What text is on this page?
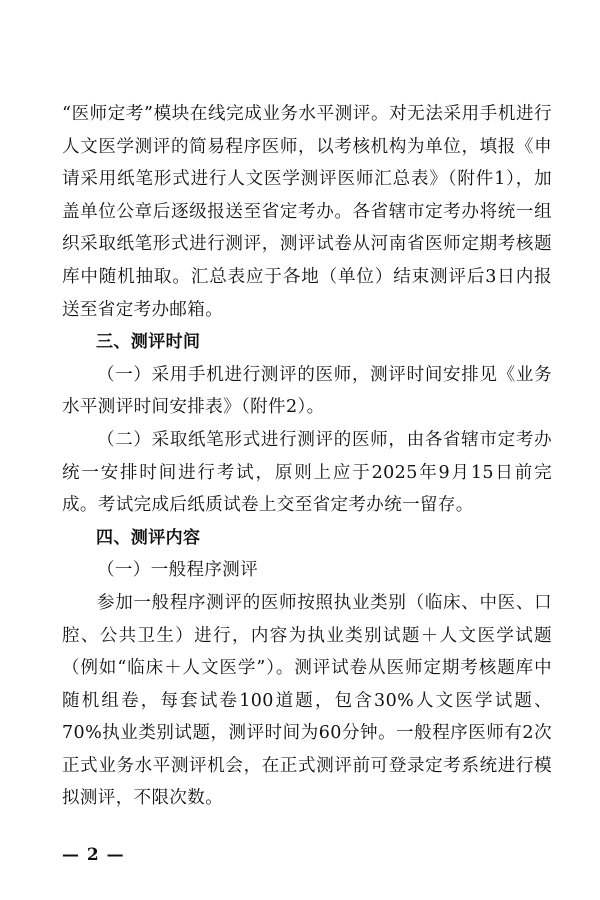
“医师定考”模块在线完成业务水平测评。对无法采用手机进行人文医学测评的简易程序医师，以考核机构为单位，填报《申请采用纸笔形式进行人文医学测评医师汇总表》（附件1），加盖单位公章后逐级报送至省定考办。各省辖市定考办将统一组织采取纸笔形式进行测评，测评试卷从河南省医师定期考核题库中随机抽取。汇总表应于各地（单位）结束测评后3日内报送至省定考办邮箱。

三、测评时间

（一）采用手机进行测评的医师，测评时间安排见《业务水平测评时间安排表》（附件2）。

（二）采取纸笔形式进行测评的医师，由各省辖市定考办统一安排时间进行考试，原则上应于2025年9月15日前完成。考试完成后纸质试卷上交至省定考办统一留存。

四、测评内容

（一）一般程序测评

参加一般程序测评的医师按照执业类别（临床、中医、口腔、公共卫生）进行，内容为执业类别试题＋人文医学试题（例如“临床＋人文医学”）。测评试卷从医师定期考核题库中随机组卷，每套试卷100道题，包含30%人文医学试题、70%执业类别试题，测评时间为60分钟。一般程序医师有2次正式业务水平测评机会，在正式测评前可登录定考系统进行模拟测评，不限次数。

— 2 —
